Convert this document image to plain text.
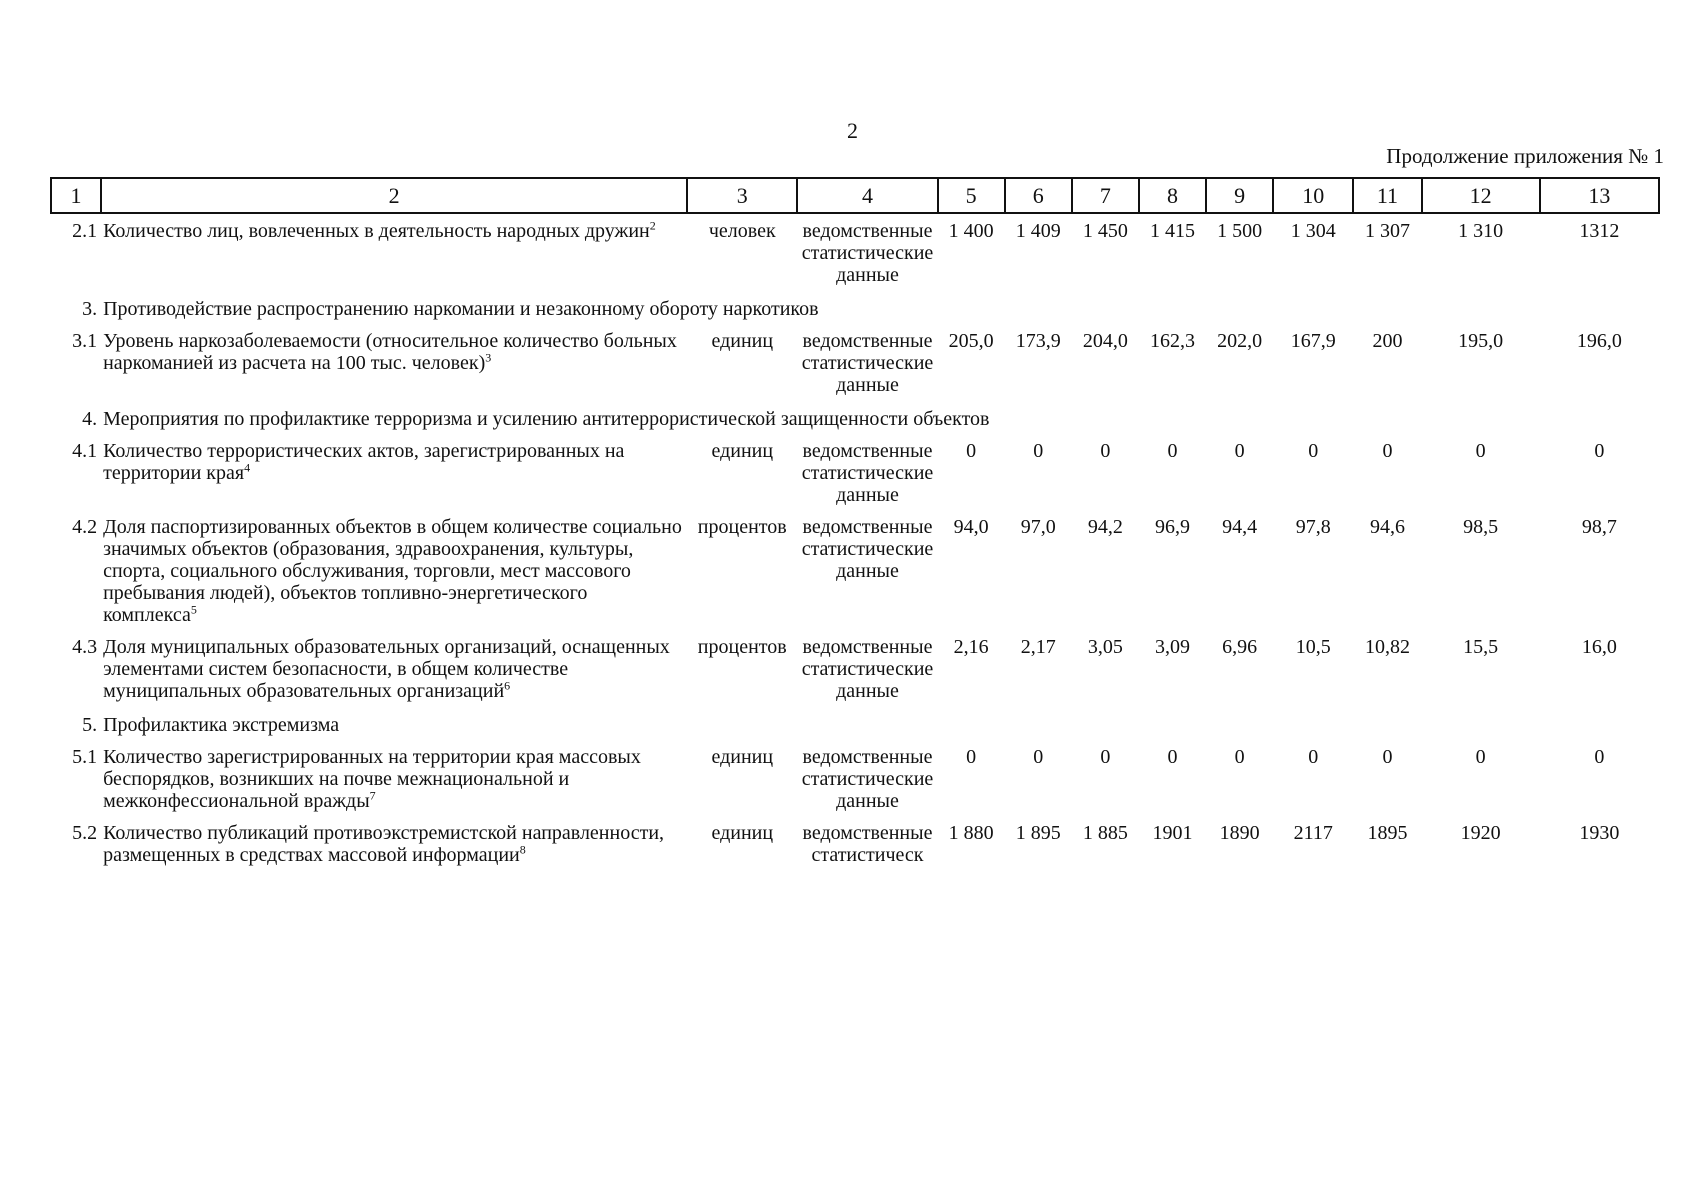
2
Продолжение приложения № 1
1	2	3	4	5	6	7	8	9	10	11	12	13
2.1	Количество лиц, вовлеченных в деятельность народных дружин$^2$	человек	ведомственные статистические данные	1 400	1 409	1 450	1 415	1 500	1 304	1 307	1 310	1312
3.	Противодействие распространению наркомании и незаконному обороту наркотиков											
3.1	Уровень наркозаболеваемости (относительное количество больных наркоманией из расчета на 100 тыс. человек)$^3$	единиц	ведомственные статистические данные	205,0	173,9	204,0	162,3	202,0	167,9	200	195,0	196,0
4.	Мероприятия по профилактике терроризма и усилению антитеррористической защищенности объектов											
4.1	Количество террористических актов, зарегистрированных на территории края$^4$	единиц	ведомственные статистические данные	0	0	0	0	0	0	0	0	0
4.2	Доля паспортизированных объектов в общем количестве социально значимых объектов (образования, здравоохранения, культуры, спорта, социального обслуживания, торговли, мест массового пребывания людей), объектов топливно-энергетического комплекса$^5$	процентов	ведомственные статистические данные	94,0	97,0	94,2	96,9	94,4	97,8	94,6	98,5	98,7
4.3	Доля муниципальных образовательных организаций, оснащенных элементами систем безопасности, в общем количестве муниципальных образовательных организаций$^6$	процентов	ведомственные статистические данные	2,16	2,17	3,05	3,09	6,96	10,5	10,82	15,5	16,0
5.	Профилактика экстремизма											
5.1	Количество зарегистрированных на территории края массовых беспорядков, возникших на почве межнациональной и межконфессиональной вражды$^7$	единиц	ведомственные статистические данные	0	0	0	0	0	0	0	0	0
5.2	Количество публикаций противоэкстремистской направленности, размещенных в средствах массовой информации$^8$	единиц	ведомственные статистическ	1 880	1 895	1 885	1901	1890	2117	1895	1920	1930
